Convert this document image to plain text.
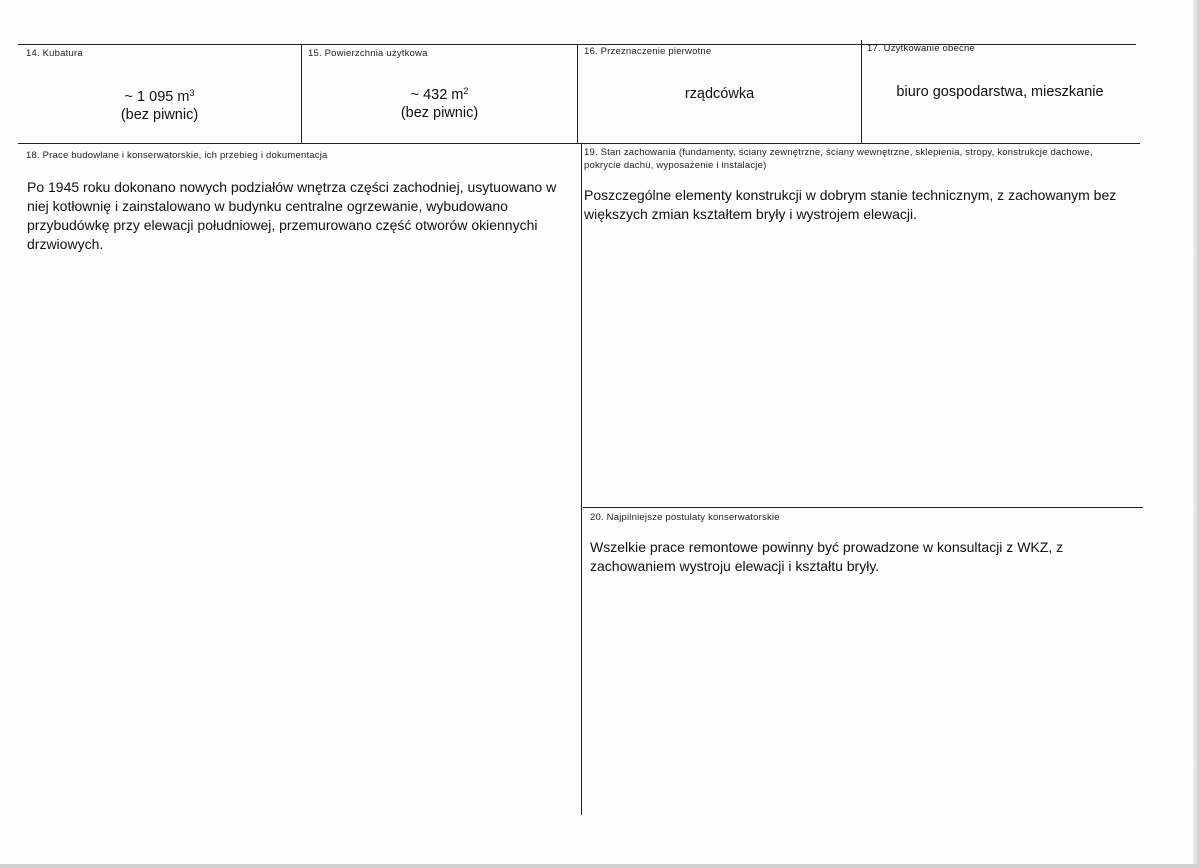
14. Kubatura
~ 1 095 $m^3$
(bez piwnic)
15. Powierzchnia użytkowa
~ 432 $m^2$
(bez piwnic)
16. Przeznaczenie pierwotne
rządcówka
17. Użytkowanie obecne
biuro gospodarstwa, mieszkanie
18. Prace budowlane i konserwatorskie, ich przebieg i dokumentacja
Po 1945 roku dokonano nowych podziałów wnętrza części zachodniej, usytuowano w niej kotłownię i zainstalowano w budynku centralne ogrzewanie, wybudowano przybudówkę przy elewacji południowej, przemurowano część otworów okiennychi drzwiowych.
19. Stan zachowania (fundamenty, ściany zewnętrzne, ściany wewnętrzne, sklepienia, stropy, konstrukcje dachowe, pokrycie dachu, wyposażenie i instalacje)
Poszczególne elementy konstrukcji w dobrym stanie technicznym, z zachowanym bez większych zmian kształtem bryły i wystrojem elewacji.
20. Najpilniejsze postulaty konserwatorskie
Wszelkie prace remontowe powinny być prowadzone w konsultacji z WKZ, z zachowaniem wystroju elewacji i kształtu bryły.
